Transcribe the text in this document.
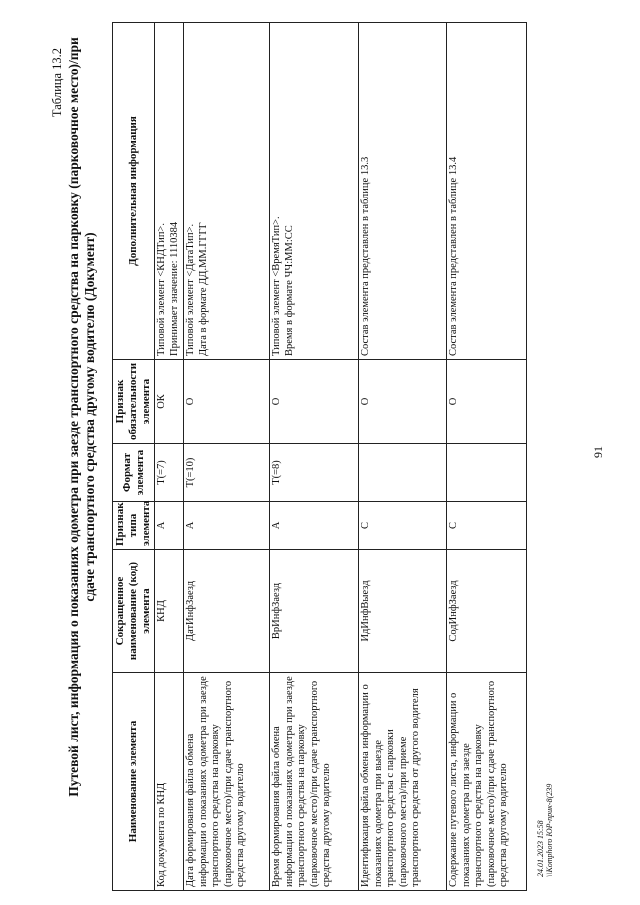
91
Таблица 13.2 Путевой лист, информация о показаниях одометра при заезде транспортного средства на парковку (парковочное место)/при сдаче транспортного средства другому водителю (Документ)
Наименование элемента	Сокращенное наименование (код) элемента	Признак типа элемента	Формат элемента	Признак обязательности элемента	Дополнительная информация
Код документа по КНД	КНД	А	Т(=7)	ОК	Типовой элемент <КНДТип>. Принимает значение: 1110384

Дата формирования файла обмена информации о показаниях одометра при заезде транспортного средства на парковку (парковочное место)/при сдаче транспортного средства другому водителю	ДатИнфЗаезд	А	Т(=10)	О	Типовой элемент <ДатаТип>. Дата в формате ДД.ММ.ГГГГ

Время формирования файла обмена информации о показаниях одометра при заезде транспортного средства на парковку (парковочное место)/при сдаче транспортного средства другому водителю	ВрИнфЗаезд	А	Т(=8)	О	Типовой элемент <ВремяТип>. Время в формате ЧЧ:ММ:СС

Идентификация файла обмена информации о показаниях одометра при выезде транспортного средства с парковки (парковочного места)/при приеме транспортного средства от другого водителя	ИдИнфВыезд	С		О	Состав элемента представлен в таблице 13.3

Содержание путевого листа, информации о показаниях одометра при заезде транспортного средства на парковку (парковочное место)/при сдаче транспортного средства другому водителю	СодИнфЗаезд	С		О	Состав элемента представлен в таблице 13.4
24.01.2023 15:58 \\Komphoro ЮР-прик-8(239
